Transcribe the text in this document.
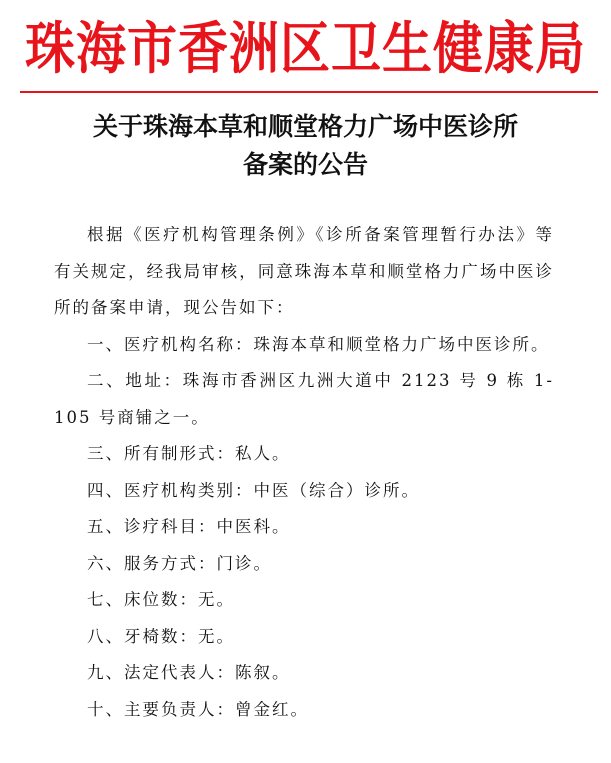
珠海市香洲区卫生健康局
关于珠海本草和顺堂格力广场中医诊所
备案的公告

根据《医疗机构管理条例》《诊所备案管理暂行办法》等有关规定，经我局审核，同意珠海本草和顺堂格力广场中医诊所的备案申请，现公告如下：

一、医疗机构名称：珠海本草和顺堂格力广场中医诊所。

二、地址：珠海市香洲区九洲大道中 2123 号 9 栋 1-105 号商铺之一。

三、所有制形式：私人。

四、医疗机构类别：中医（综合）诊所。

五、诊疗科目：中医科。

六、服务方式：门诊。

七、床位数：无。

八、牙椅数：无。

九、法定代表人：陈叙。

十、主要负责人：曾金红。
